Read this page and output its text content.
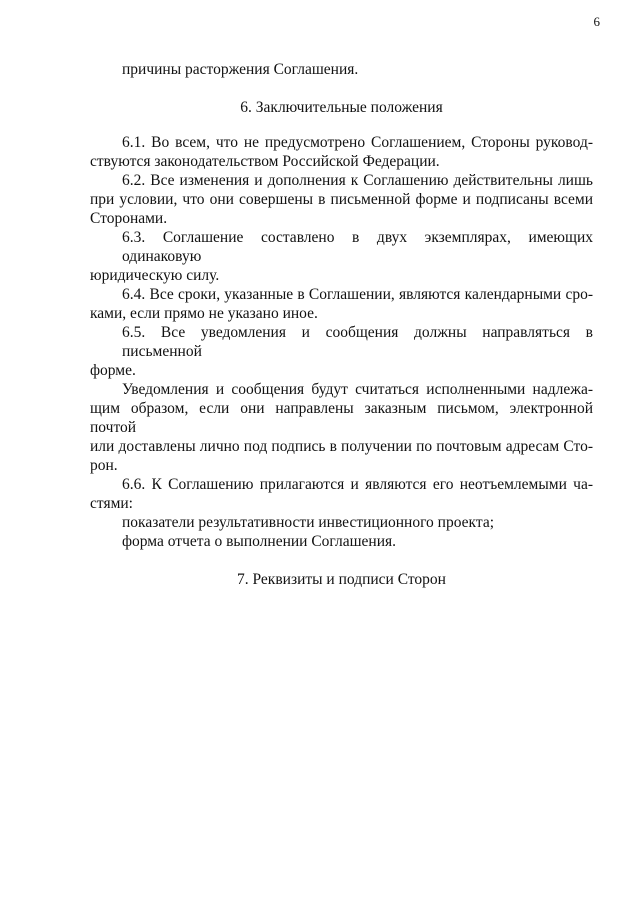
6
причины расторжения Соглашения.
6. Заключительные положения
6.1. Во всем, что не предусмотрено Соглашением, Стороны руковод-
ствуются законодательством Российской Федерации.
6.2. Все изменения и дополнения к Соглашению действительны лишь
при условии, что они совершены в письменной форме и подписаны всеми
Сторонами.
6.3. Соглашение составлено в двух экземплярах, имеющих одинаковую
юридическую силу.
6.4. Все сроки, указанные в Соглашении, являются календарными сро-
ками, если прямо не указано иное.
6.5. Все уведомления и сообщения должны направляться в письменной
форме.
Уведомления и сообщения будут считаться исполненными надлежа-
щим образом, если они направлены заказным письмом, электронной почтой
или доставлены лично под подпись в получении по почтовым адресам Сто-
рон.
6.6. К Соглашению прилагаются и являются его неотъемлемыми ча-
стями:
показатели результативности инвестиционного проекта;
форма отчета о выполнении Соглашения.
7. Реквизиты и подписи Сторон
